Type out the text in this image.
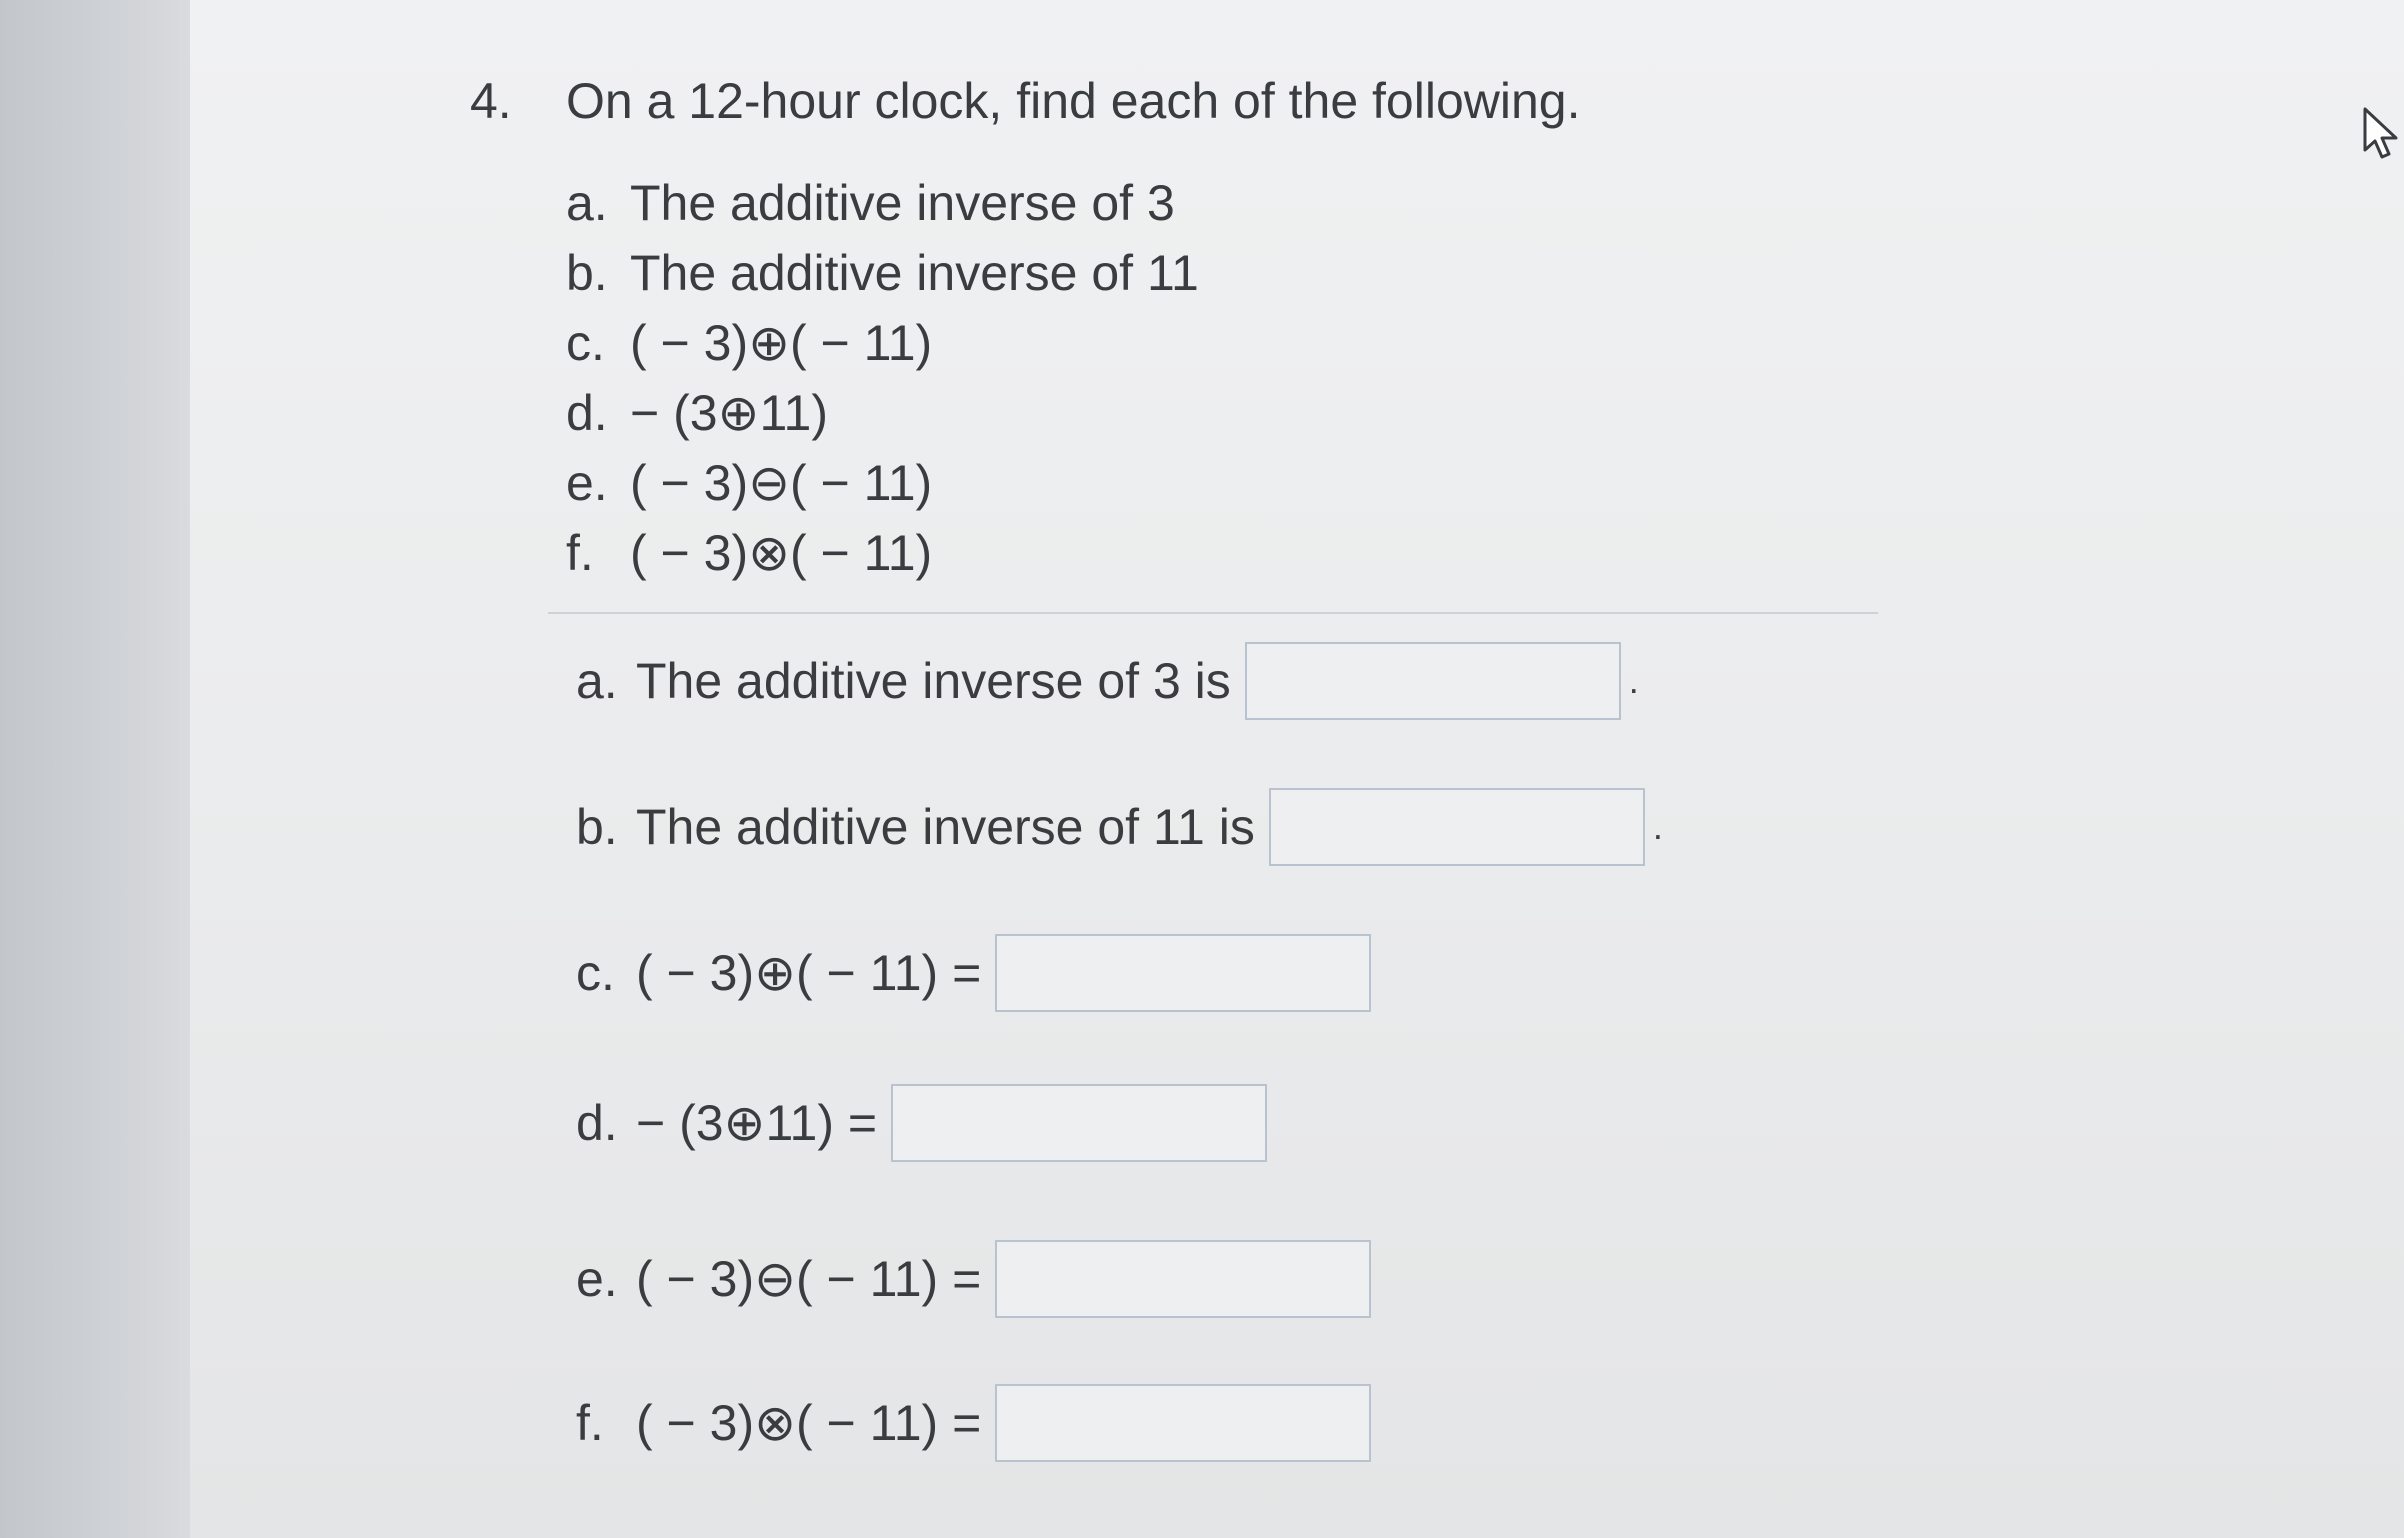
4. On a 12-hour clock, find each of the following.
a. The additive inverse of 3
b. The additive inverse of 11
c. ( − 3)⊕( − 11)
d. − (3⊕11)
e. ( − 3)⊖( − 11)
f. ( − 3)⊗( − 11)
a. The additive inverse of 3 is	.
b. The additive inverse of 11 is	.
c. ( − 3)⊕( − 11) =
d. − (3⊕11) =
e. ( − 3)⊖( − 11) =
f. ( − 3)⊗( − 11) =
